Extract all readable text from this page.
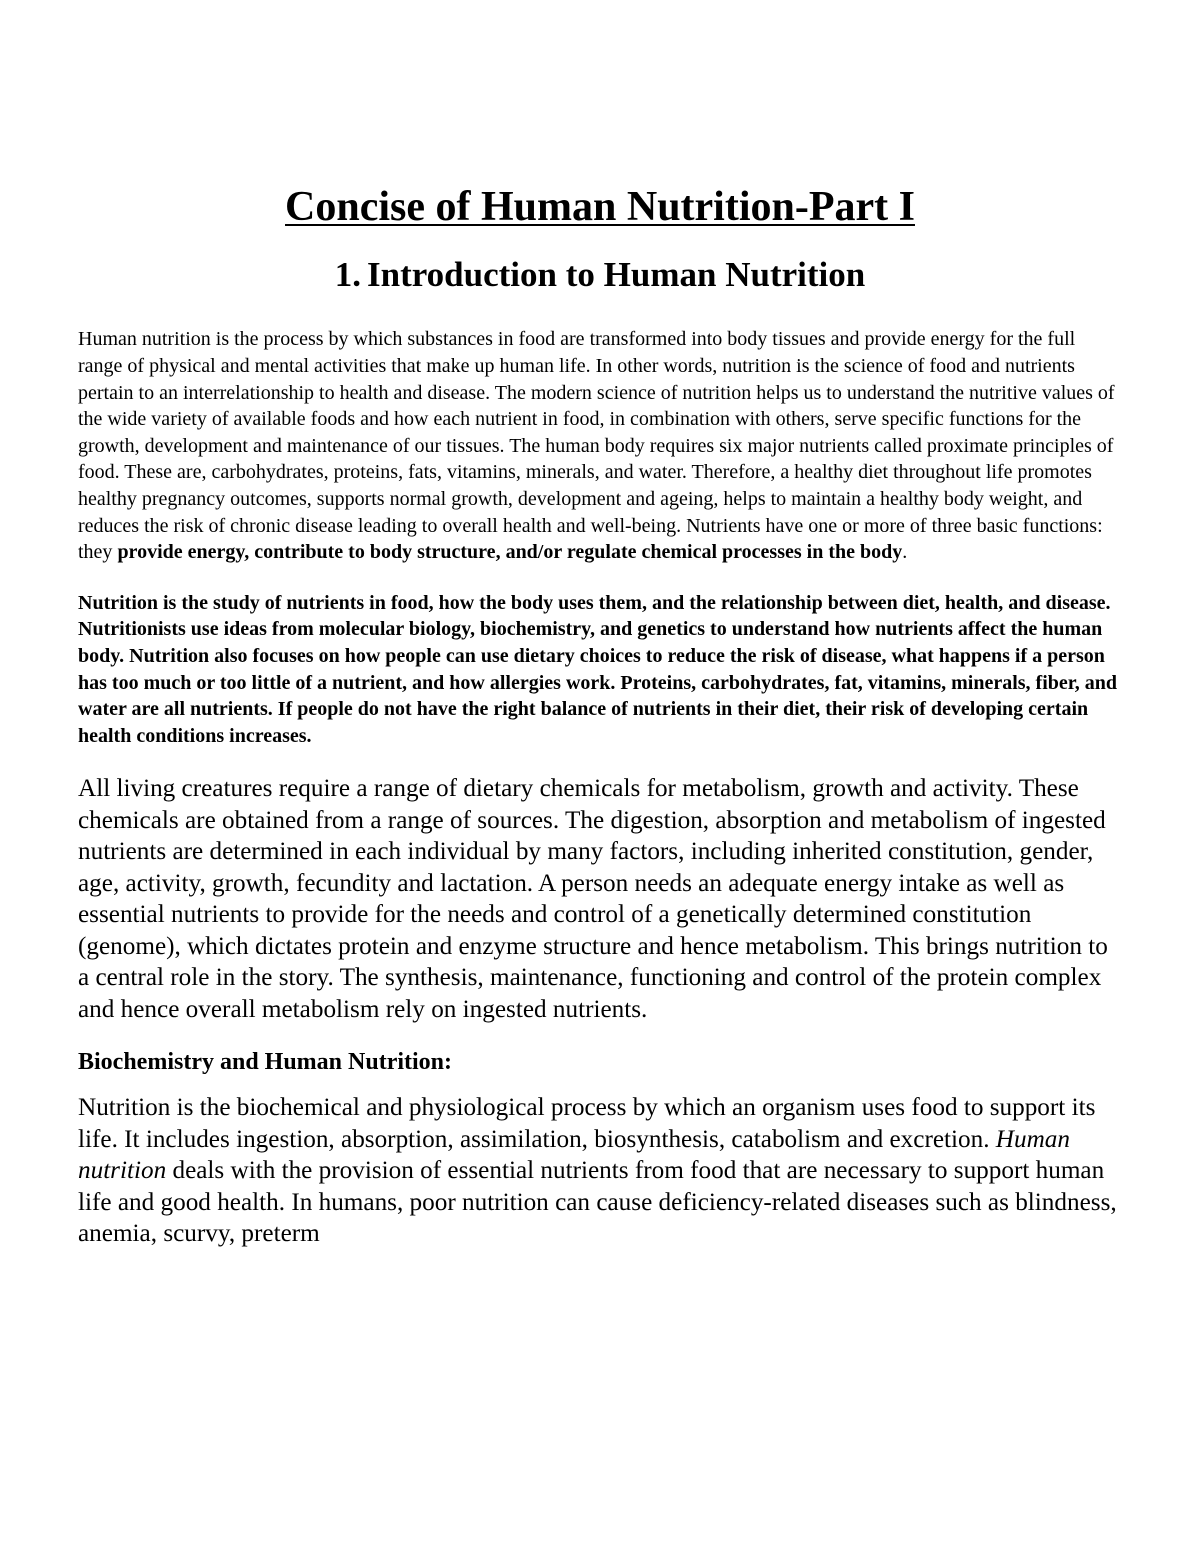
Concise of Human Nutrition-Part I
1. Introduction to Human Nutrition

Human nutrition is the process by which substances in food are transformed into body tissues and provide energy for the full range of physical and mental activities that make up human life. In other words, nutrition is the science of food and nutrients pertain to an interrelationship to health and disease. The modern science of nutrition helps us to understand the nutritive values of the wide variety of available foods and how each nutrient in food, in combination with others, serve specific functions for the growth, development and maintenance of our tissues. The human body requires six major nutrients called proximate principles of food. These are, carbohydrates, proteins, fats, vitamins, minerals, and water. Therefore, a healthy diet throughout life promotes healthy pregnancy outcomes, supports normal growth, development and ageing, helps to maintain a healthy body weight, and reduces the risk of chronic disease leading to overall health and well-being. Nutrients have one or more of three basic functions: they provide energy, contribute to body structure, and/or regulate chemical processes in the body.

Nutrition is the study of nutrients in food, how the body uses them, and the relationship between diet, health, and disease. Nutritionists use ideas from molecular biology, biochemistry, and genetics to understand how nutrients affect the human body. Nutrition also focuses on how people can use dietary choices to reduce the risk of disease, what happens if a person has too much or too little of a nutrient, and how allergies work. Proteins, carbohydrates, fat, vitamins, minerals, fiber, and water are all nutrients. If people do not have the right balance of nutrients in their diet, their risk of developing certain health conditions increases.

All living creatures require a range of dietary chemicals for metabolism, growth and activity. These chemicals are obtained from a range of sources. The digestion, absorption and metabolism of ingested nutrients are determined in each individual by many factors, including inherited constitution, gender, age, activity, growth, fecundity and lactation. A person needs an adequate energy intake as well as essential nutrients to provide for the needs and control of a genetically determined constitution (genome), which dictates protein and enzyme structure and hence metabolism. This brings nutrition to a central role in the story. The synthesis, maintenance, functioning and control of the protein complex and hence overall metabolism rely on ingested nutrients.

Biochemistry and Human Nutrition:

Nutrition is the biochemical and physiological process by which an organism uses food to support its life. It includes ingestion, absorption, assimilation, biosynthesis, catabolism and excretion. Human nutrition deals with the provision of essential nutrients from food that are necessary to support human life and good health. In humans, poor nutrition can cause deficiency-related diseases such as blindness, anemia, scurvy, preterm
